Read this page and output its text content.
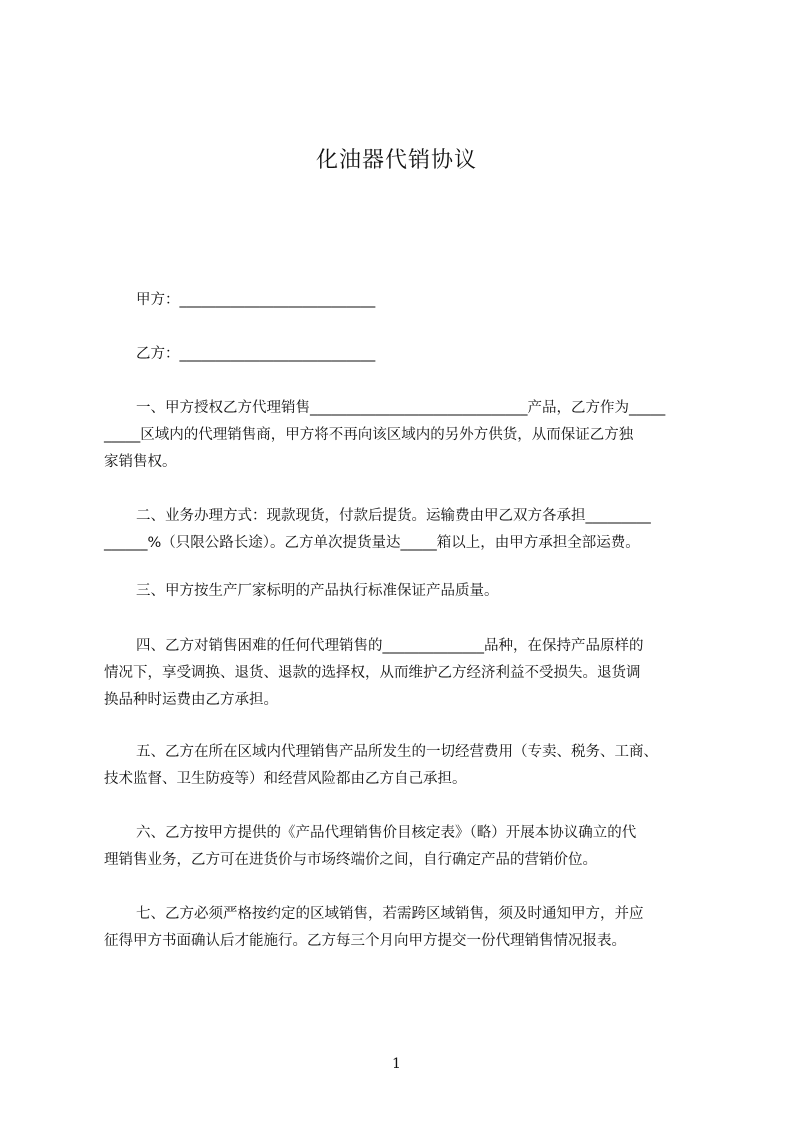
化油器代销协议
甲方：___________________________
乙方：___________________________
一、甲方授权乙方代理销售______________________________产品，乙方作为_____
_____区域内的代理销售商，甲方将不再向该区域内的另外方供货，从而保证乙方独
家销售权。
二、业务办理方式：现款现货，付款后提货。运输费由甲乙双方各承担_________
______%（只限公路长途）。乙方单次提货量达_____箱以上，由甲方承担全部运费。
三、甲方按生产厂家标明的产品执行标准保证产品质量。
四、乙方对销售困难的任何代理销售的______________品种，在保持产品原样的
情况下，享受调换、退货、退款的选择权，从而维护乙方经济利益不受损失。退货调
换品种时运费由乙方承担。
五、乙方在所在区域内代理销售产品所发生的一切经营费用（专卖、税务、工商、
技术监督、卫生防疫等）和经营风险都由乙方自己承担。
六、乙方按甲方提供的《产品代理销售价目核定表》（略）开展本协议确立的代
理销售业务，乙方可在进货价与市场终端价之间，自行确定产品的营销价位。
七、乙方必须严格按约定的区域销售，若需跨区域销售，须及时通知甲方，并应
征得甲方书面确认后才能施行。乙方每三个月向甲方提交一份代理销售情况报表。
1
